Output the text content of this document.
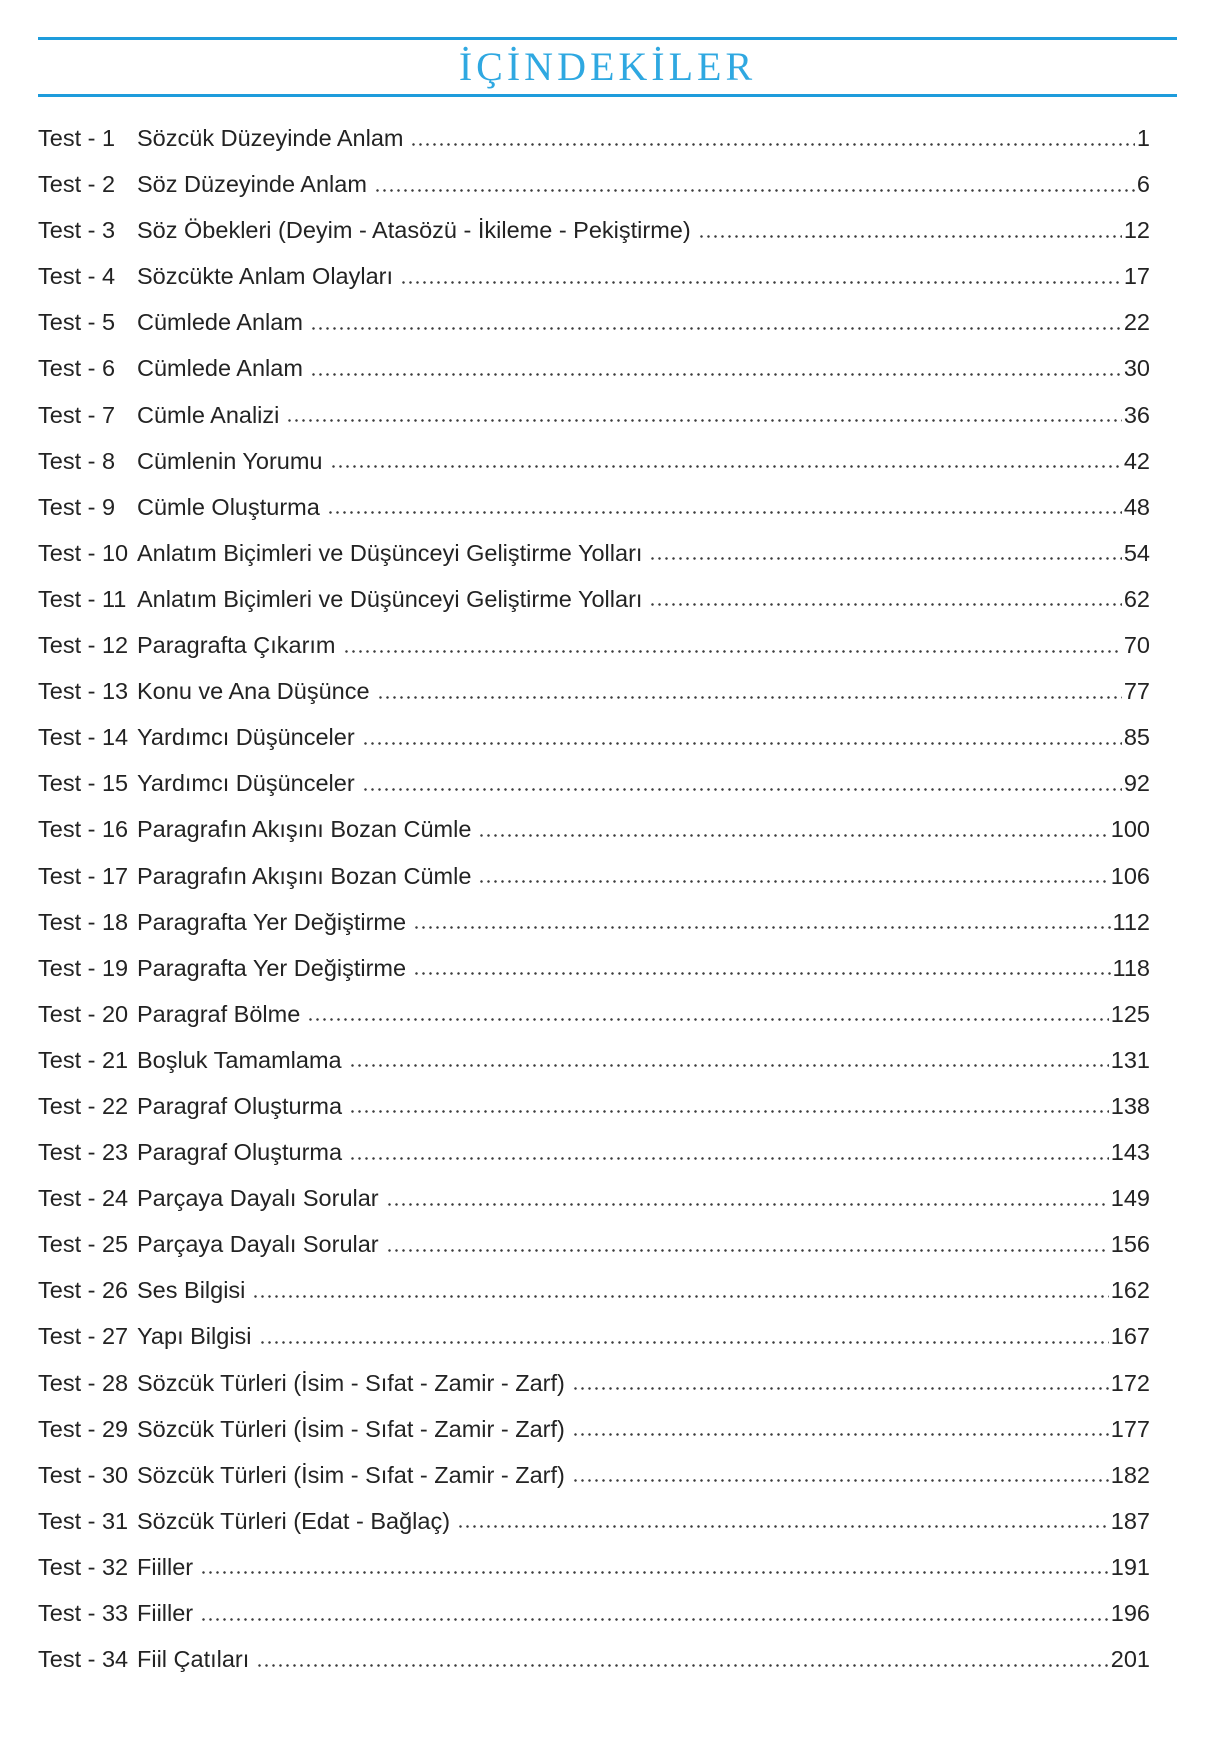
İÇİNDEKİLER
Test - 1 Sözcük Düzeyinde Anlam	1
Test - 2 Söz Düzeyinde Anlam	6
Test - 3 Söz Öbekleri (Deyim - Atasözü - İkileme - Pekiştirme)	12
Test - 4 Sözcükte Anlam Olayları	17
Test - 5 Cümlede Anlam	22
Test - 6 Cümlede Anlam	30
Test - 7 Cümle Analizi	36
Test - 8 Cümlenin Yorumu	42
Test - 9 Cümle Oluşturma	48
Test - 10 Anlatım Biçimleri ve Düşünceyi Geliştirme Yolları	54
Test - 11 Anlatım Biçimleri ve Düşünceyi Geliştirme Yolları	62
Test - 12 Paragrafta Çıkarım	70
Test - 13 Konu ve Ana Düşünce	77
Test - 14 Yardımcı Düşünceler	85
Test - 15 Yardımcı Düşünceler	92
Test - 16 Paragrafın Akışını Bozan Cümle	100
Test - 17 Paragrafın Akışını Bozan Cümle	106
Test - 18 Paragrafta Yer Değiştirme	112
Test - 19 Paragrafta Yer Değiştirme	118
Test - 20 Paragraf Bölme	125
Test - 21 Boşluk Tamamlama	131
Test - 22 Paragraf Oluşturma	138
Test - 23 Paragraf Oluşturma	143
Test - 24 Parçaya Dayalı Sorular	149
Test - 25 Parçaya Dayalı Sorular	156
Test - 26 Ses Bilgisi	162
Test - 27 Yapı Bilgisi	167
Test - 28 Sözcük Türleri (İsim - Sıfat - Zamir - Zarf)	172
Test - 29 Sözcük Türleri (İsim - Sıfat - Zamir - Zarf)	177
Test - 30 Sözcük Türleri (İsim - Sıfat - Zamir - Zarf)	182
Test - 31 Sözcük Türleri (Edat - Bağlaç)	187
Test - 32 Fiiller	191
Test - 33 Fiiller	196
Test - 34 Fiil Çatıları	201
